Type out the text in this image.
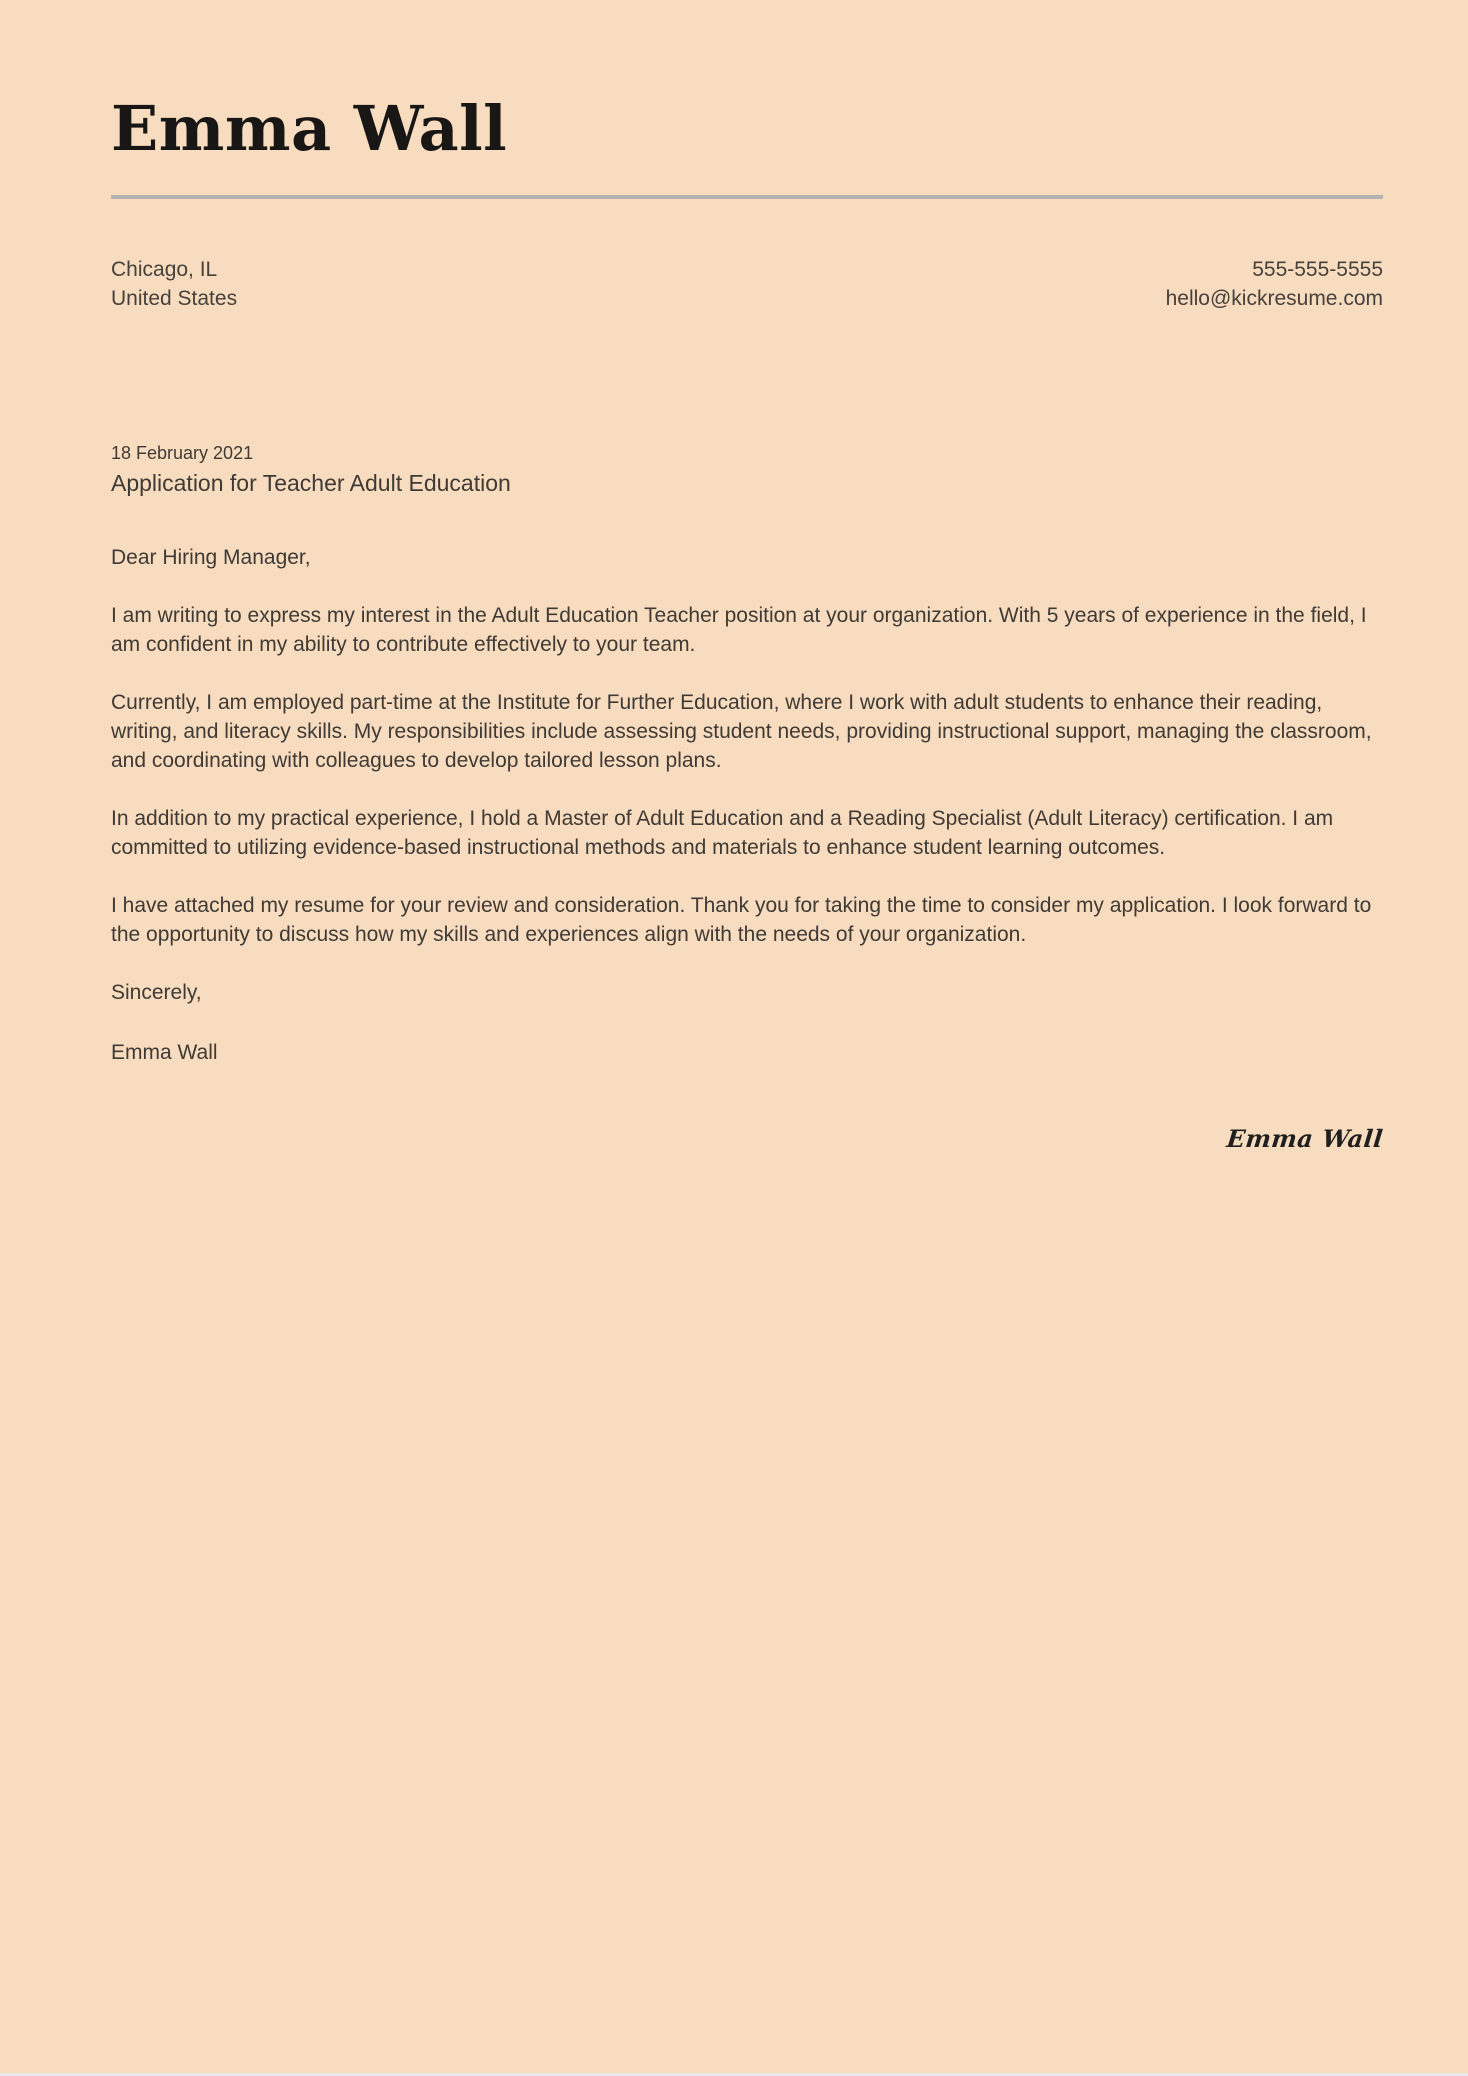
Emma Wall
Chicago, IL
United States
555-555-5555
hello@kickresume.com
18 February 2021
Application for Teacher Adult Education

Dear Hiring Manager,

I am writing to express my interest in the Adult Education Teacher position at your organization. With 5 years of experience in the field, I am confident in my ability to contribute effectively to your team.

Currently, I am employed part-time at the Institute for Further Education, where I work with adult students to enhance their reading, writing, and literacy skills. My responsibilities include assessing student needs, providing instructional support, managing the classroom, and coordinating with colleagues to develop tailored lesson plans.

In addition to my practical experience, I hold a Master of Adult Education and a Reading Specialist (Adult Literacy) certification. I am committed to utilizing evidence-based instructional methods and materials to enhance student learning outcomes.

I have attached my resume for your review and consideration. Thank you for taking the time to consider my application. I look forward to the opportunity to discuss how my skills and experiences align with the needs of your organization.

Sincerely,

Emma Wall

Emma Wall
